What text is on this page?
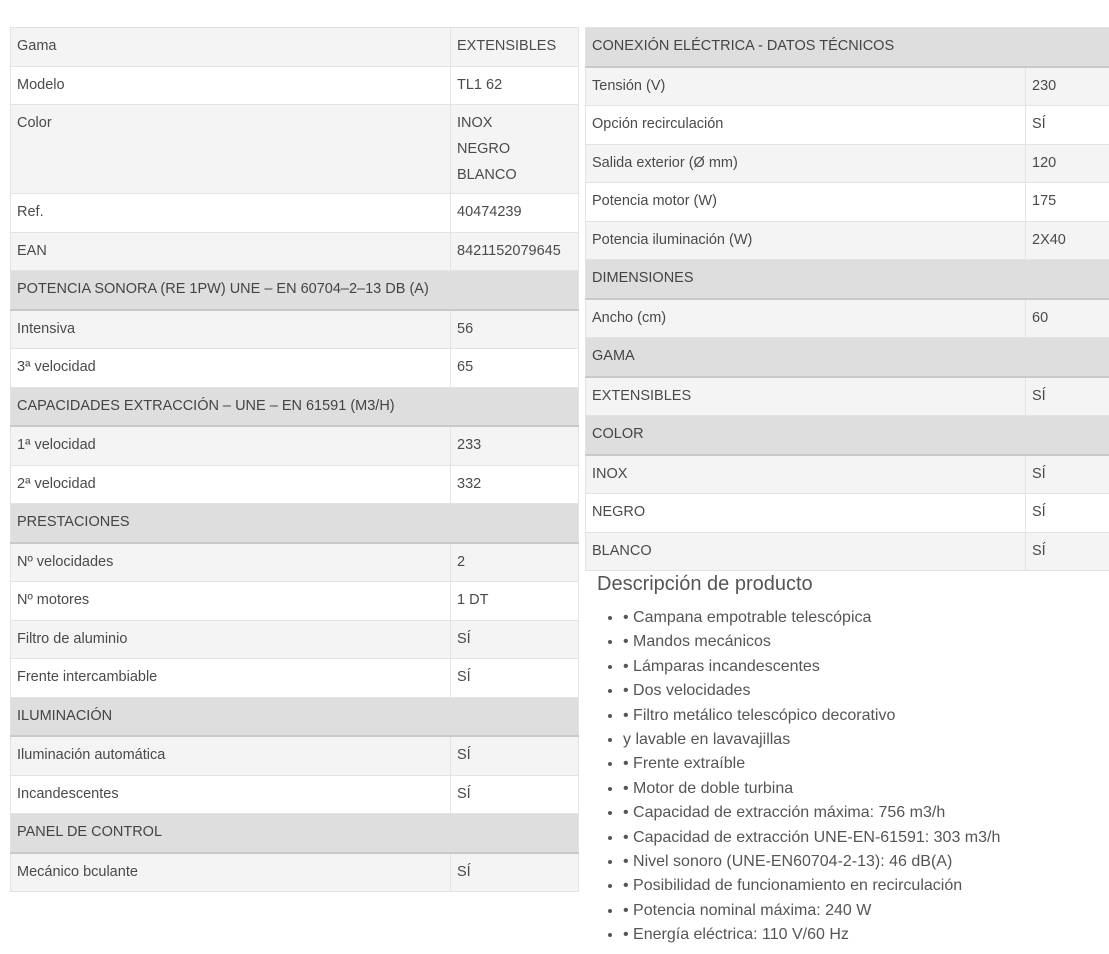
Gama	EXTENSIBLES
Modelo	TL1 62
Color	INOX
NEGRO
BLANCO

Ref.	40474239
EAN	8421152079645
POTENCIA SONORA (RE 1PW) UNE – EN 60704–2–13 DB (A)	
Intensiva	56
3ª velocidad	65
CAPACIDADES EXTRACCIÓN – UNE – EN 61591 (M3/H)	
1ª velocidad	233
2ª velocidad	332
PRESTACIONES	
Nº velocidades	2
Nº motores	1 DT
Filtro de aluminio	SÍ
Frente intercambiable	SÍ
ILUMINACIÓN	
Iluminación automática	SÍ
Incandescentes	SÍ
PANEL DE CONTROL	
Mecánico bculante	SÍ
CONEXIÓN ELÉCTRICA - DATOS TÉCNICOS	
Tensión (V)	230
Opción recirculación	SÍ
Salida exterior (Ø mm)	120
Potencia motor (W)	175
Potencia iluminación (W)	2X40
DIMENSIONES	
Ancho (cm)	60
GAMA	
EXTENSIBLES	SÍ
COLOR	
INOX	SÍ
NEGRO	SÍ
BLANCO	SÍ
Descripción de producto
• • Campana empotrable telescópica
• • Mandos mecánicos
• • Lámparas incandescentes
• • Dos velocidades
• • Filtro metálico telescópico decorativo
• y lavable en lavavajillas
• • Frente extraíble
• • Motor de doble turbina
• • Capacidad de extracción máxima: 756 m3/h
• • Capacidad de extracción UNE-EN-61591: 303 m3/h
• • Nivel sonoro (UNE-EN60704-2-13): 46 dB(A)
• • Posibilidad de funcionamiento en recirculación
• • Potencia nominal máxima: 240 W
• • Energía eléctrica: 110 V/60 Hz
